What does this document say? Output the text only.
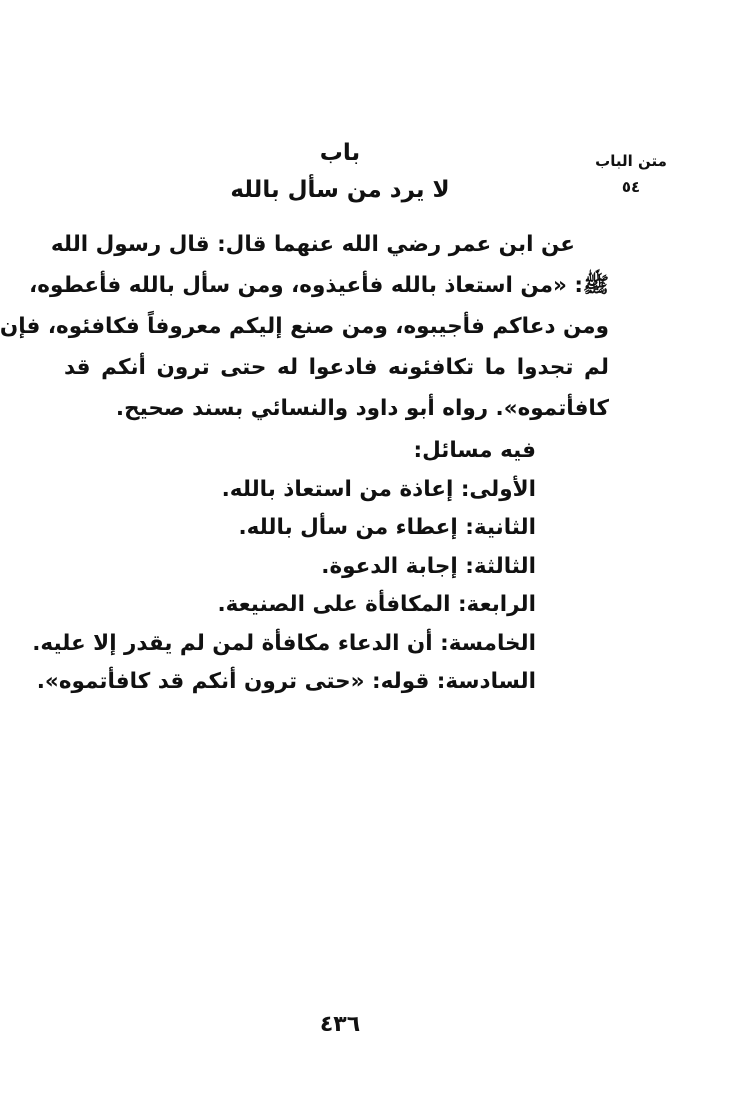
متن الباب
٥٤
باب
لا يرد من سأل بالله
عن ابن عمر رضي الله عنهما قال: قال رسول الله
ﷺ: «من استعاذ بالله فأعيذوه، ومن سأل بالله فأعطوه،
ومن دعاكم فأجيبوه، ومن صنع إليكم معروفاً فكافئوه، فإن
لم تجدوا ما تكافئونه فادعوا له حتى ترون أنكم قد
كافأتموه». رواه أبو داود والنسائي بسند صحيح.
فيه مسائل:
الأولى: إعاذة من استعاذ بالله.
الثانية: إعطاء من سأل بالله.
الثالثة: إجابة الدعوة.
الرابعة: المكافأة على الصنيعة.
الخامسة: أن الدعاء مكافأة لمن لم يقدر إلا عليه.
السادسة: قوله: «حتى ترون أنكم قد كافأتموه».
٤٣٦
